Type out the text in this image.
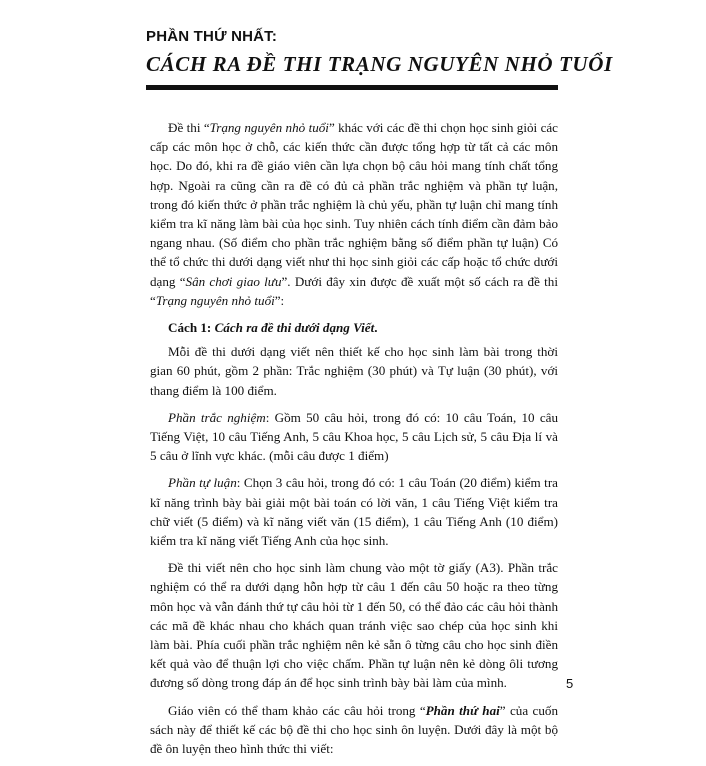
PHẦN THỨ NHẤT:
CÁCH RA ĐỀ THI TRẠNG NGUYÊN NHỎ TUỔI

Đề thi “Trạng nguyên nhỏ tuổi” khác với các đề thi chọn học sinh giỏi các cấp các môn học ở chỗ, các kiến thức cần được tổng hợp từ tất cả các môn học. Do đó, khi ra đề giáo viên cần lựa chọn bộ câu hỏi mang tính chất tổng hợp. Ngoài ra cũng cần ra đề có đủ cả phần trắc nghiệm và phần tự luận, trong đó kiến thức ở phần trắc nghiệm là chủ yếu, phần tự luận chỉ mang tính kiểm tra kĩ năng làm bài của học sinh. Tuy nhiên cách tính điểm cần đảm bảo ngang nhau. (Số điểm cho phần trắc nghiệm bằng số điểm phần tự luận) Có thể tổ chức thi dưới dạng viết như thi học sinh giỏi các cấp hoặc tổ chức dưới dạng “Sân chơi giao lưu”. Dưới đây xin được đề xuất một số cách ra đề thi “Trạng nguyên nhỏ tuổi”:

Cách 1: Cách ra đề thi dưới dạng Viết.

Mỗi đề thi dưới dạng viết nên thiết kế cho học sinh làm bài trong thời gian 60 phút, gồm 2 phần: Trắc nghiệm (30 phút) và Tự luận (30 phút), với thang điểm là 100 điểm.

Phần trắc nghiệm: Gồm 50 câu hỏi, trong đó có: 10 câu Toán, 10 câu Tiếng Việt, 10 câu Tiếng Anh, 5 câu Khoa học, 5 câu Lịch sử, 5 câu Địa lí và 5 câu ở lĩnh vực khác. (mỗi câu được 1 điểm)

Phần tự luận: Chọn 3 câu hỏi, trong đó có: 1 câu Toán (20 điểm) kiểm tra kĩ năng trình bày bài giải một bài toán có lời văn, 1 câu Tiếng Việt kiểm tra chữ viết (5 điểm) và kĩ năng viết văn (15 điểm), 1 câu Tiếng Anh (10 điểm) kiểm tra kĩ năng viết Tiếng Anh của học sinh.

Đề thi viết nên cho học sinh làm chung vào một tờ giấy (A3). Phần trắc nghiệm có thể ra dưới dạng hỗn hợp từ câu 1 đến câu 50 hoặc ra theo từng môn học và vẫn đánh thứ tự câu hỏi từ 1 đến 50, có thể đảo các câu hỏi thành các mã đề khác nhau cho khách quan tránh việc sao chép của học sinh khi làm bài. Phía cuối phần trắc nghiệm nên kẻ sẵn ô từng câu cho học sinh điền kết quả vào để thuận lợi cho việc chấm. Phần tự luận nên kẻ dòng ôli tương đương số dòng trong đáp án để học sinh trình bày bài làm của mình.

Giáo viên có thể tham khảo các câu hỏi trong “Phần thứ hai” của cuốn sách này để thiết kế các bộ đề thi cho học sinh ôn luyện. Dưới đây là một bộ đề ôn luyện theo hình thức thi viết:

5
